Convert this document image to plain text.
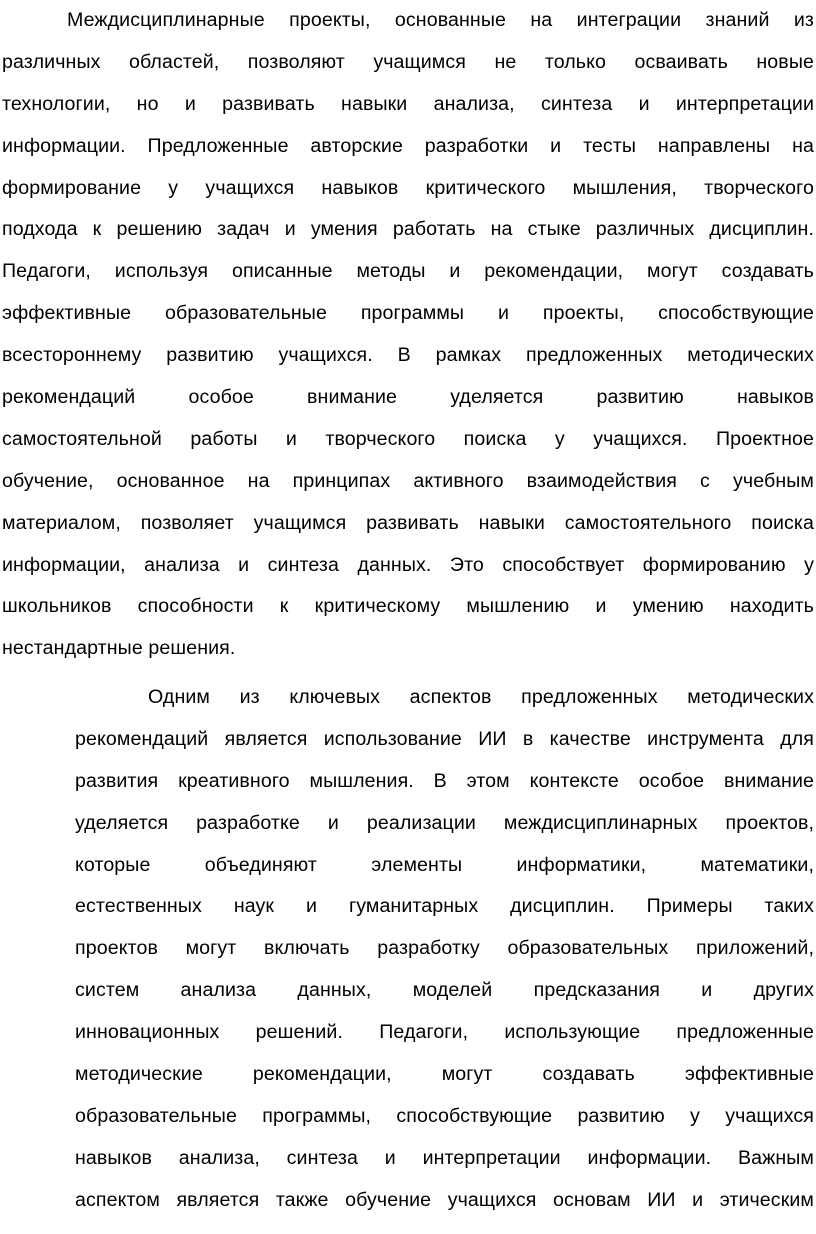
Междисциплинарные проекты, основанные на интеграции знаний из
различных областей, позволяют учащимся не только осваивать новые
технологии, но и развивать навыки анализа, синтеза и интерпретации
информации. Предложенные авторские разработки и тесты направлены на
формирование у учащихся навыков критического мышления, творческого
подхода к решению задач и умения работать на стыке различных дисциплин.
Педагоги, используя описанные методы и рекомендации, могут создавать
эффективные образовательные программы и проекты, способствующие
всестороннему развитию учащихся. В рамках предложенных методических
рекомендаций особое внимание уделяется развитию навыков
самостоятельной работы и творческого поиска у учащихся. Проектное
обучение, основанное на принципах активного взаимодействия с учебным
материалом, позволяет учащимся развивать навыки самостоятельного поиска
информации, анализа и синтеза данных. Это способствует формированию у
школьников способности к критическому мышлению и умению находить
нестандартные решения.
Одним из ключевых аспектов предложенных методических
рекомендаций является использование ИИ в качестве инструмента для
развития креативного мышления. В этом контексте особое внимание
уделяется разработке и реализации междисциплинарных проектов,
которые объединяют элементы информатики, математики,
естественных наук и гуманитарных дисциплин. Примеры таких
проектов могут включать разработку образовательных приложений,
систем анализа данных, моделей предсказания и других
инновационных решений. Педагоги, использующие предложенные
методические рекомендации, могут создавать эффективные
образовательные программы, способствующие развитию у учащихся
навыков анализа, синтеза и интерпретации информации. Важным
аспектом является также обучение учащихся основам ИИ и этическим
